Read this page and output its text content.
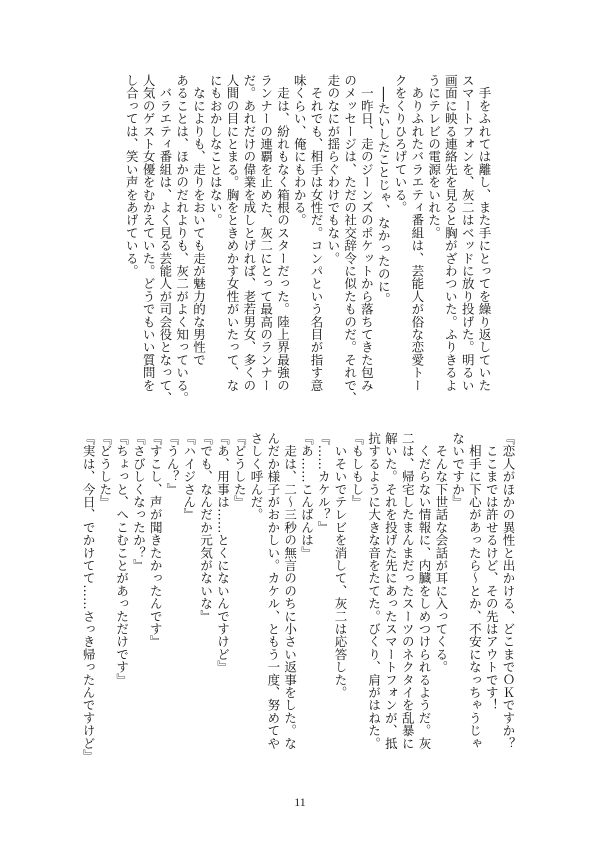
　手をふれては離し、また手にとってを繰り返していた

スマートフォンを、灰二はベッドに放り投げた。明るい

画面に映る連絡先を見ると胸がざわついた。ふりきるよ

うにテレビの電源をいれた。

　ありふれたバラエティ番組は、芸能人が俗な恋愛トー

クをくりひろげている。

　──たいしたことじゃ、なかったのに。

　一昨日、走のジーンズのポケットから落ちてきた包み

のメッセージは、ただの社交辞令に似たものだ。それで、

走のなにが揺らぐわけでもない。

　それでも、相手は女性だ。コンパという名目が指す意

味くらい、俺にもわかる。

　走は、紛れもなく箱根のスターだった。陸上界最強の

ランナーの連覇を止めた、灰二にとって最高のランナー

だ。あれだけの偉業を成しとげれば、老若男女、多くの

人間の目にとまる。胸をときめかす女性がいたって、な

にもおかしなことはない。

　なによりも、走りをおいても走が魅力的な男性で

あることは、ほかのだれよりも、灰二がよく知っている。

　バラエティ番組は、よく見る芸能人が司会役となって、

人気のゲスト女優をむかえていた。どうでもいい質問を

し合っては、笑い声をあげている。

『恋人がほかの異性と出かける、どこまでＯＫですか？

　ここまでは許せるけど、その先はアウトです！

　相手に下心があったら〜とか、不安になっちゃうじゃ

ないですか』

　そんな下世話な会話が耳に入ってくる。

　くだらない情報に、内臓をしめつけられるようだ。灰

二は、帰宅したまんまだったスーツのネクタイを乱暴に

解いた。それを投げた先にあったスマートフォンが、抵

抗するように大きな音をたてた。びくり、肩がはねた。

『もしもし』

　いそいでテレビを消して、灰二は応答した。

『……カケル？』

『あ……こんばんは』

　走は、二〜三秒の無言ののちに小さい返事をした。な

んだか様子がおかしい。カケル、ともう一度、努めてや

さしく呼んだ。

『どうした』

『あ、用事は……とくにないんですけど』

『でも、なんだか元気がないな』

『ハイジさん』

『うん？』

『すこし、声が聞きたかったんです』

『さびしくなったか？』

『ちょっと、へこむことがあっただけです』

『どうした』

『実は、今日、でかけてて……さっき帰ったんですけど』

11
